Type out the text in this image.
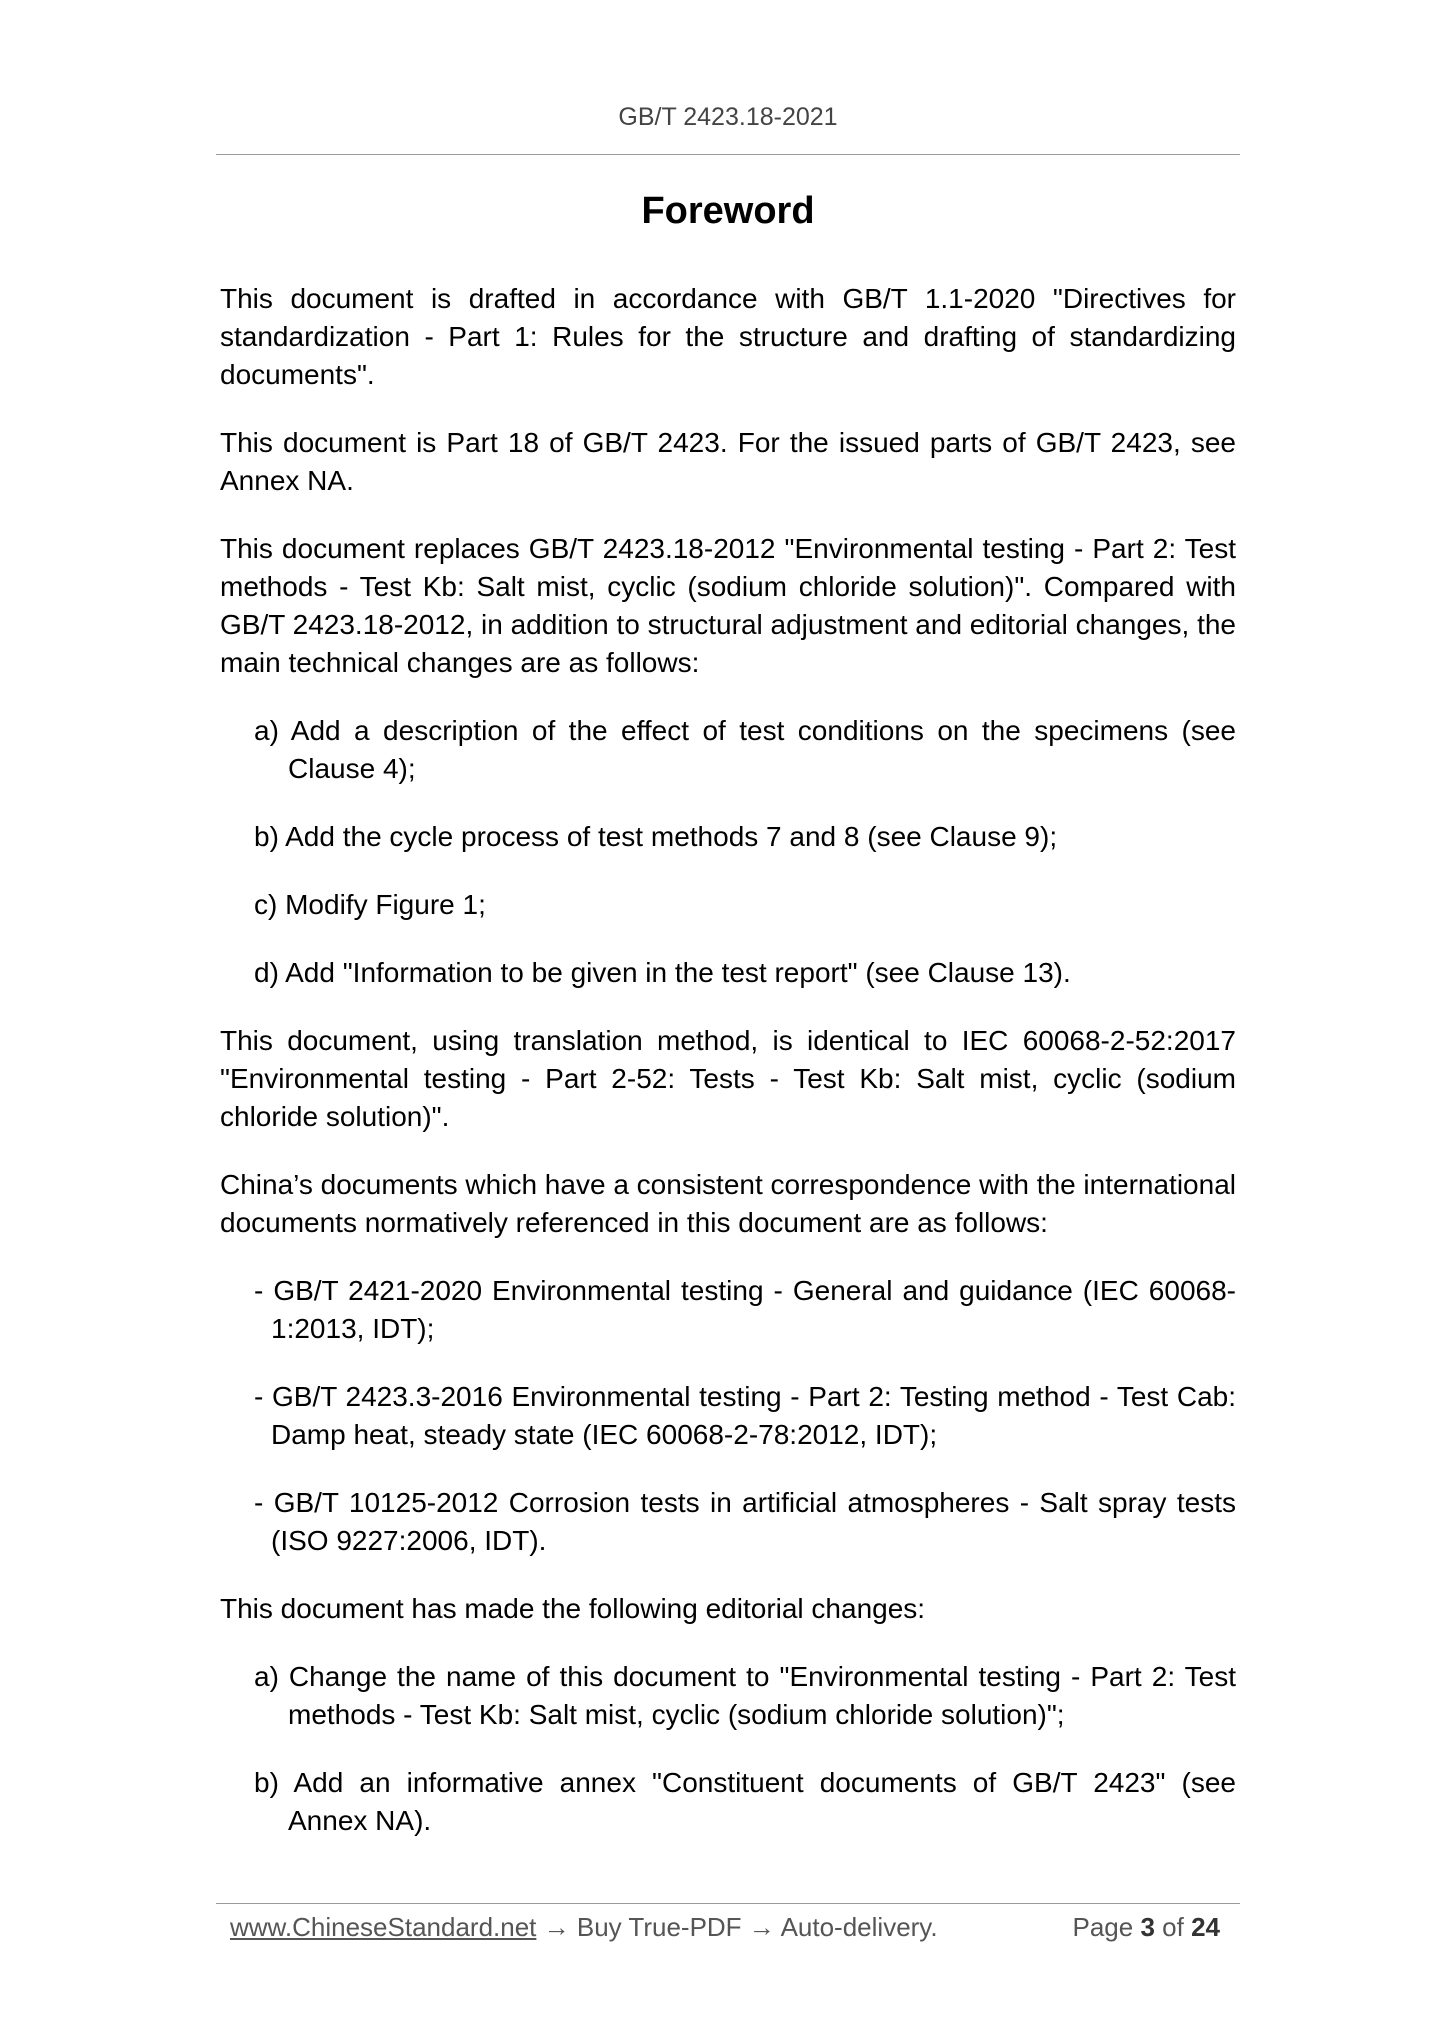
GB/T 2423.18-2021
Foreword

This document is drafted in accordance with GB/T 1.1-2020 "Directives for standardization - Part 1: Rules for the structure and drafting of standardizing documents".

This document is Part 18 of GB/T 2423. For the issued parts of GB/T 2423, see Annex NA.

This document replaces GB/T 2423.18-2012 "Environmental testing - Part 2: Test methods - Test Kb: Salt mist, cyclic (sodium chloride solution)". Compared with GB/T 2423.18-2012, in addition to structural adjustment and editorial changes, the main technical changes are as follows:

a) Add a description of the effect of test conditions on the specimens (see Clause 4);
b) Add the cycle process of test methods 7 and 8 (see Clause 9);
c) Modify Figure 1;
d) Add "Information to be given in the test report" (see Clause 13).

This document, using translation method, is identical to IEC 60068-2-52:2017 "Environmental testing - Part 2-52: Tests - Test Kb: Salt mist, cyclic (sodium chloride solution)".

China’s documents which have a consistent correspondence with the international documents normatively referenced in this document are as follows:

- GB/T 2421-2020 Environmental testing - General and guidance (IEC 60068-1:2013, IDT);
- GB/T 2423.3-2016 Environmental testing - Part 2: Testing method - Test Cab: Damp heat, steady state (IEC 60068-2-78:2012, IDT);
- GB/T 10125-2012 Corrosion tests in artificial atmospheres - Salt spray tests (ISO 9227:2006, IDT).

This document has made the following editorial changes:

a) Change the name of this document to "Environmental testing - Part 2: Test methods - Test Kb: Salt mist, cyclic (sodium chloride solution)";
b) Add an informative annex "Constituent documents of GB/T 2423" (see Annex NA).
www.ChineseStandard.net → Buy True-PDF → Auto-delivery.	Page 3 of 24
